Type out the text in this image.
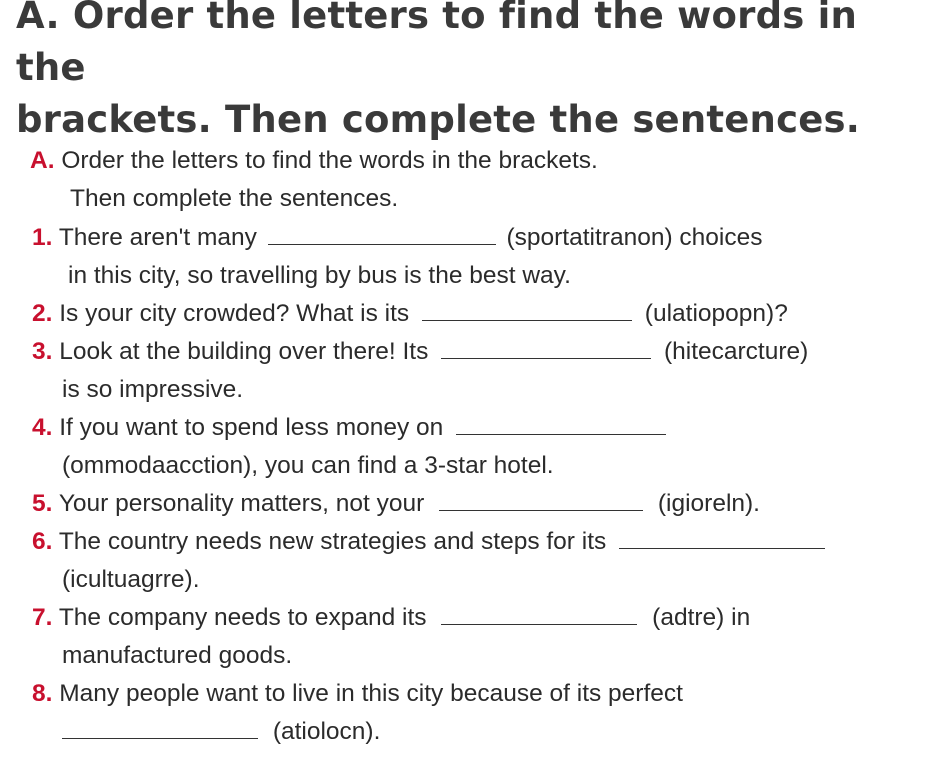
A. Order the letters to find the words in the
brackets. Then complete the sentences.
A. Order the letters to find the words in the brackets.
Then complete the sentences.
1. There aren't many	(sportatitranon) choices
in this city, so travelling by bus is the best way.
2. Is your city crowded? What is its	(ulatiopopn)?
3. Look at the building over there! Its	(hitecarcture)
is so impressive.
4. If you want to spend less money on
(ommodaacction), you can find a 3-star hotel.
5. Your personality matters, not your	(igioreln).
6. The country needs new strategies and steps for its
(icultuagrre).
7. The company needs to expand its	(adtre) in
manufactured goods.
8. Many people want to live in this city because of its perfect
(atiolocn).
